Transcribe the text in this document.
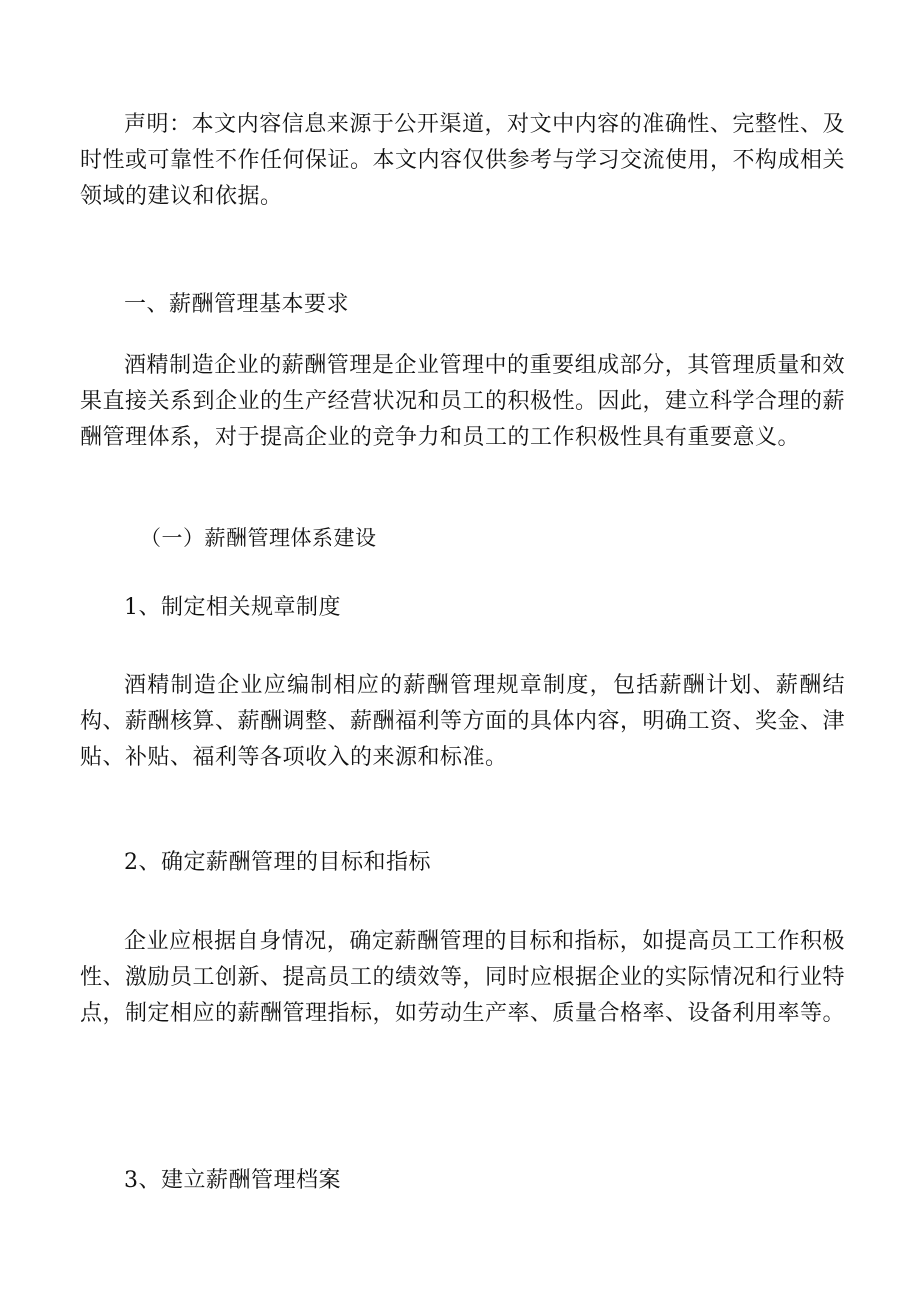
声明：本文内容信息来源于公开渠道，对文中内容的准确性、完整性、及时性或可靠性不作任何保证。本文内容仅供参考与学习交流使用，不构成相关领域的建议和依据。

一、薪酬管理基本要求

酒精制造企业的薪酬管理是企业管理中的重要组成部分，其管理质量和效果直接关系到企业的生产经营状况和员工的积极性。因此，建立科学合理的薪酬管理体系，对于提高企业的竞争力和员工的工作积极性具有重要意义。

（一）薪酬管理体系建设

1、制定相关规章制度

酒精制造企业应编制相应的薪酬管理规章制度，包括薪酬计划、薪酬结构、薪酬核算、薪酬调整、薪酬福利等方面的具体内容，明确工资、奖金、津贴、补贴、福利等各项收入的来源和标准。

2、确定薪酬管理的目标和指标

企业应根据自身情况，确定薪酬管理的目标和指标，如提高员工工作积极性、激励员工创新、提高员工的绩效等，同时应根据企业的实际情况和行业特点，制定相应的薪酬管理指标，如劳动生产率、质量合格率、设备利用率等。

3、建立薪酬管理档案
